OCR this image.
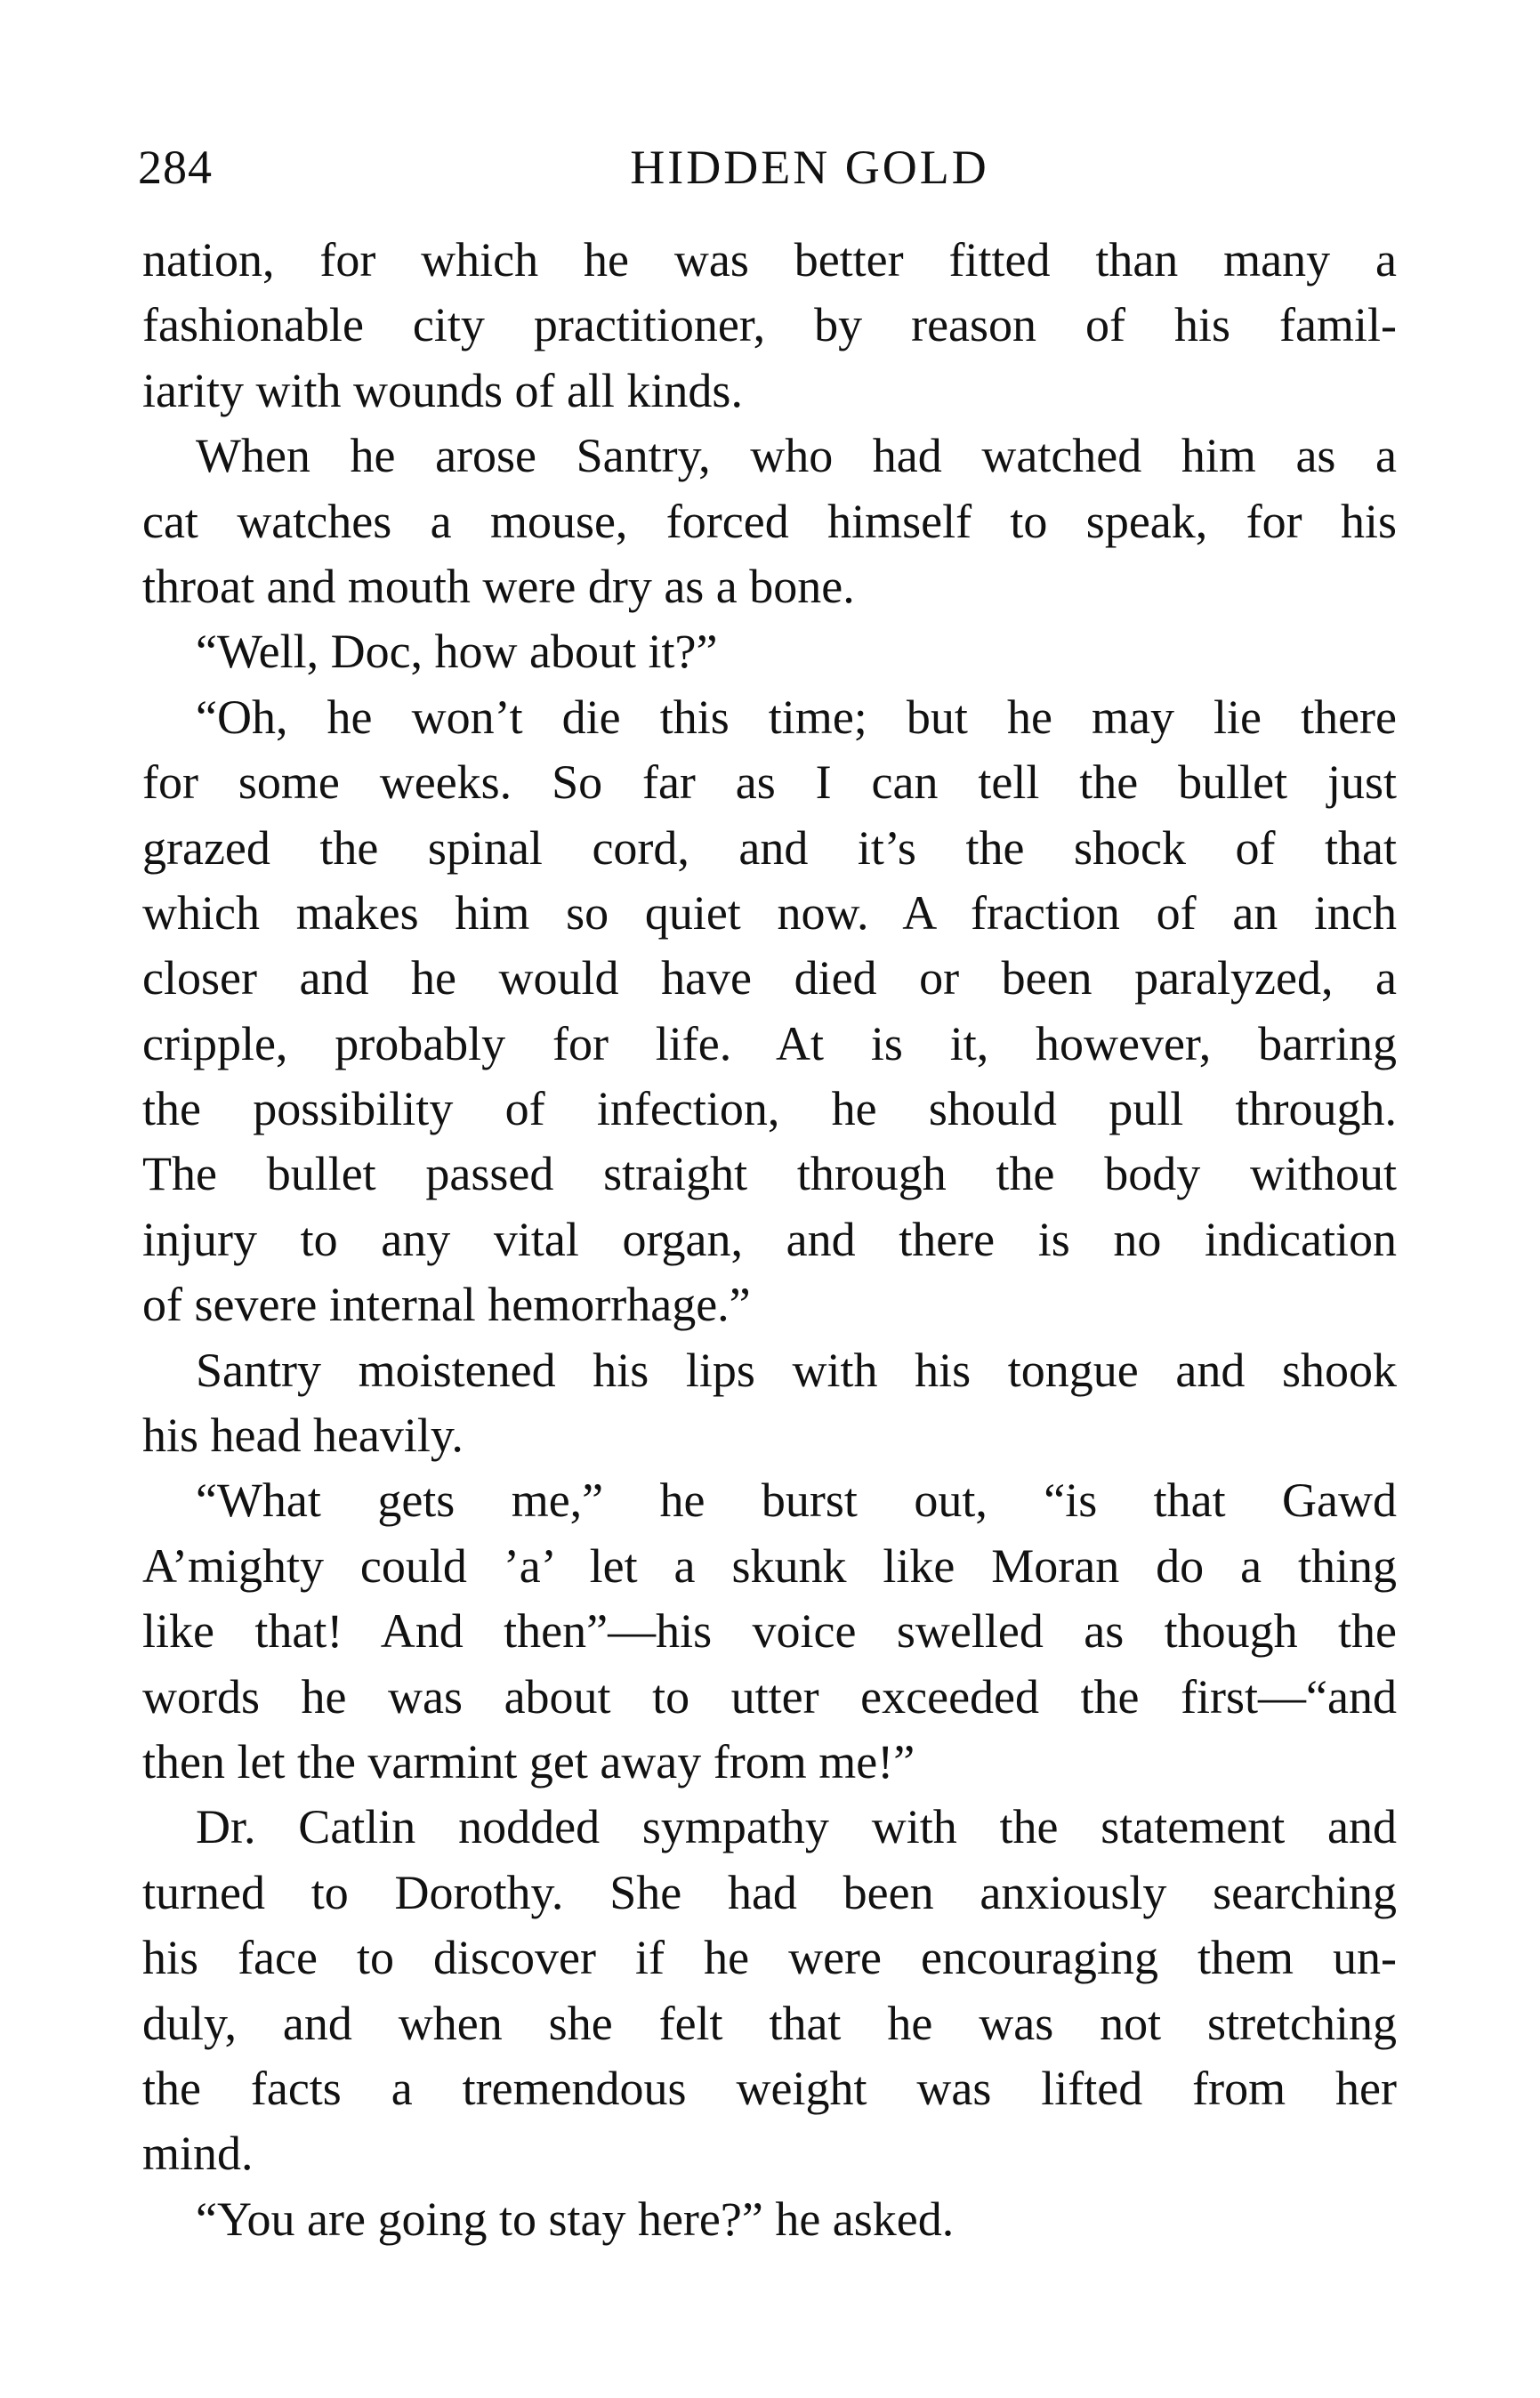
284	HIDDEN GOLD
nation, for which he was better fitted than many a
fashionable city practitioner, by reason of his famil-
iarity with wounds of all kinds.
When he arose Santry, who had watched him as a
cat watches a mouse, forced himself to speak, for his
throat and mouth were dry as a bone.
“Well, Doc, how about it?”
“Oh, he won’t die this time; but he may lie there
for some weeks. So far as I can tell the bullet just
grazed the spinal cord, and it’s the shock of that
which makes him so quiet now. A fraction of an inch
closer and he would have died or been paralyzed, a
cripple, probably for life. At is it, however, barring
the possibility of infection, he should pull through.
The bullet passed straight through the body without
injury to any vital organ, and there is no indication
of severe internal hemorrhage.”
Santry moistened his lips with his tongue and shook
his head heavily.
“What gets me,” he burst out, “is that Gawd
A’mighty could ’a’ let a skunk like Moran do a thing
like that! And then”—his voice swelled as though the
words he was about to utter exceeded the first—“and
then let the varmint get away from me!”
Dr. Catlin nodded sympathy with the statement and
turned to Dorothy. She had been anxiously searching
his face to discover if he were encouraging them un-
duly, and when she felt that he was not stretching
the facts a tremendous weight was lifted from her
mind.
“You are going to stay here?” he asked.
